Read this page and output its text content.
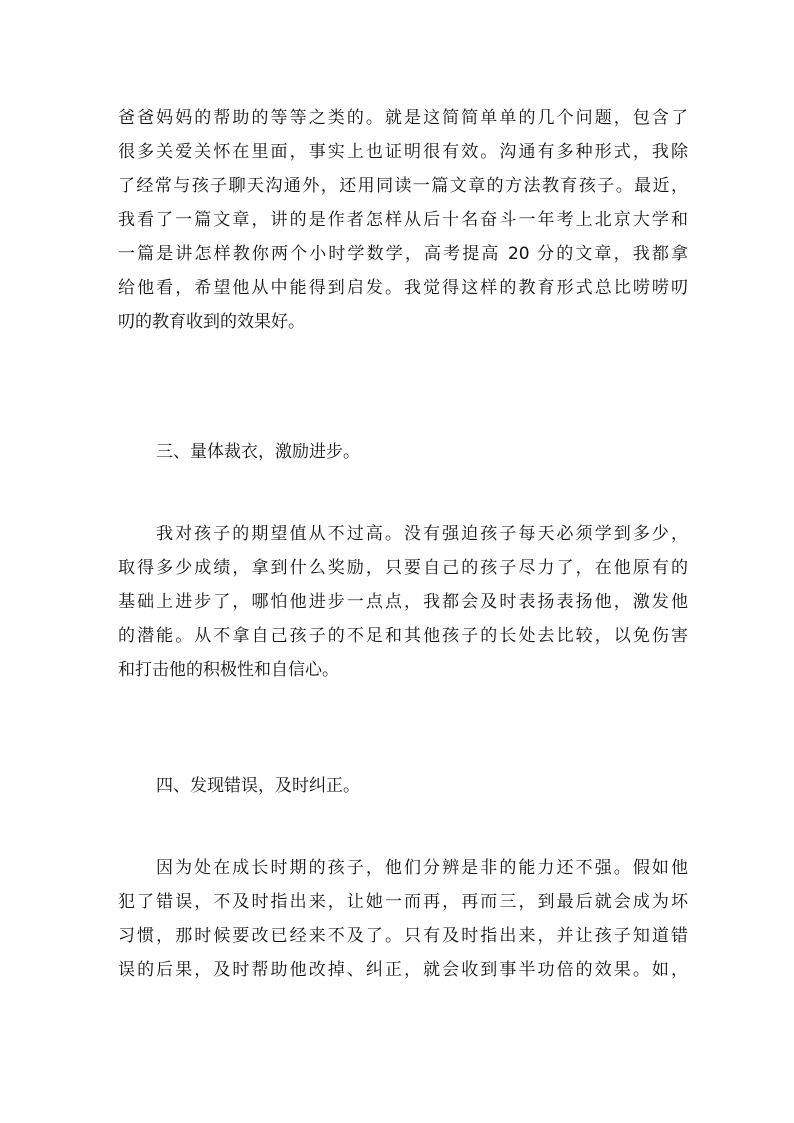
爸爸妈妈的帮助的等等之类的。就是这简简单单的几个问题，包含了
很多关爱关怀在里面，事实上也证明很有效。沟通有多种形式，我除
了经常与孩子聊天沟通外，还用同读一篇文章的方法教育孩子。最近，
我看了一篇文章，讲的是作者怎样从后十名奋斗一年考上北京大学和
一篇是讲怎样教你两个小时学数学，高考提高 20 分的文章，我都拿
给他看，希望他从中能得到启发。我觉得这样的教育形式总比唠唠叨
叨的教育收到的效果好。
三、量体裁衣，激励进步。
我对孩子的期望值从不过高。没有强迫孩子每天必须学到多少，
取得多少成绩，拿到什么奖励，只要自己的孩子尽力了，在他原有的
基础上进步了，哪怕他进步一点点，我都会及时表扬表扬他，激发他
的潜能。从不拿自己孩子的不足和其他孩子的长处去比较，以免伤害
和打击他的积极性和自信心。
四、发现错误，及时纠正。
因为处在成长时期的孩子，他们分辨是非的能力还不强。假如他
犯了错误，不及时指出来，让她一而再，再而三，到最后就会成为坏
习惯，那时候要改已经来不及了。只有及时指出来，并让孩子知道错
误的后果，及时帮助他改掉、纠正，就会收到事半功倍的效果。如，
